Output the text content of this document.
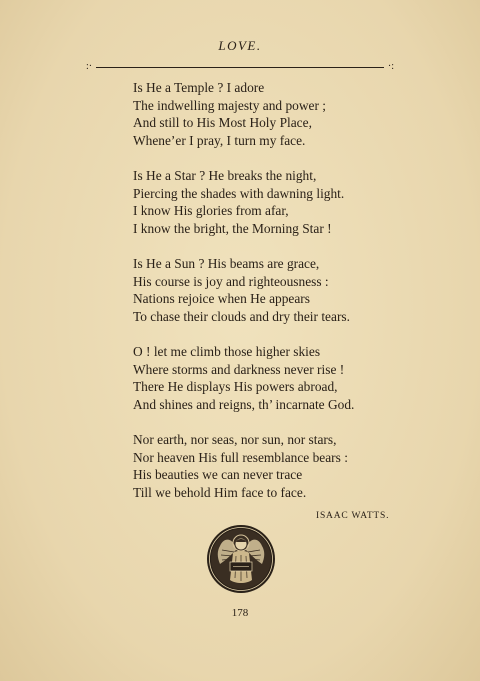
LOVE.
:·	·:
Is He a Temple ? I adore
The indwelling majesty and power ;
And still to His Most Holy Place,
Whene’er I pray, I turn my face.
Is He a Star ? He breaks the night,
Piercing the shades with dawning light.
I know His glories from afar,
I know the bright, the Morning Star !
Is He a Sun ? His beams are grace,
His course is joy and righteousness :
Nations rejoice when He appears
To chase their clouds and dry their tears.
O ! let me climb those higher skies
Where storms and darkness never rise !
There He displays His powers abroad,
And shines and reigns, th’ incarnate God.
Nor earth, nor seas, nor sun, nor stars,
Nor heaven His full resemblance bears :
His beauties we can never trace
Till we behold Him face to face.
ISAAC WATTS.
178
